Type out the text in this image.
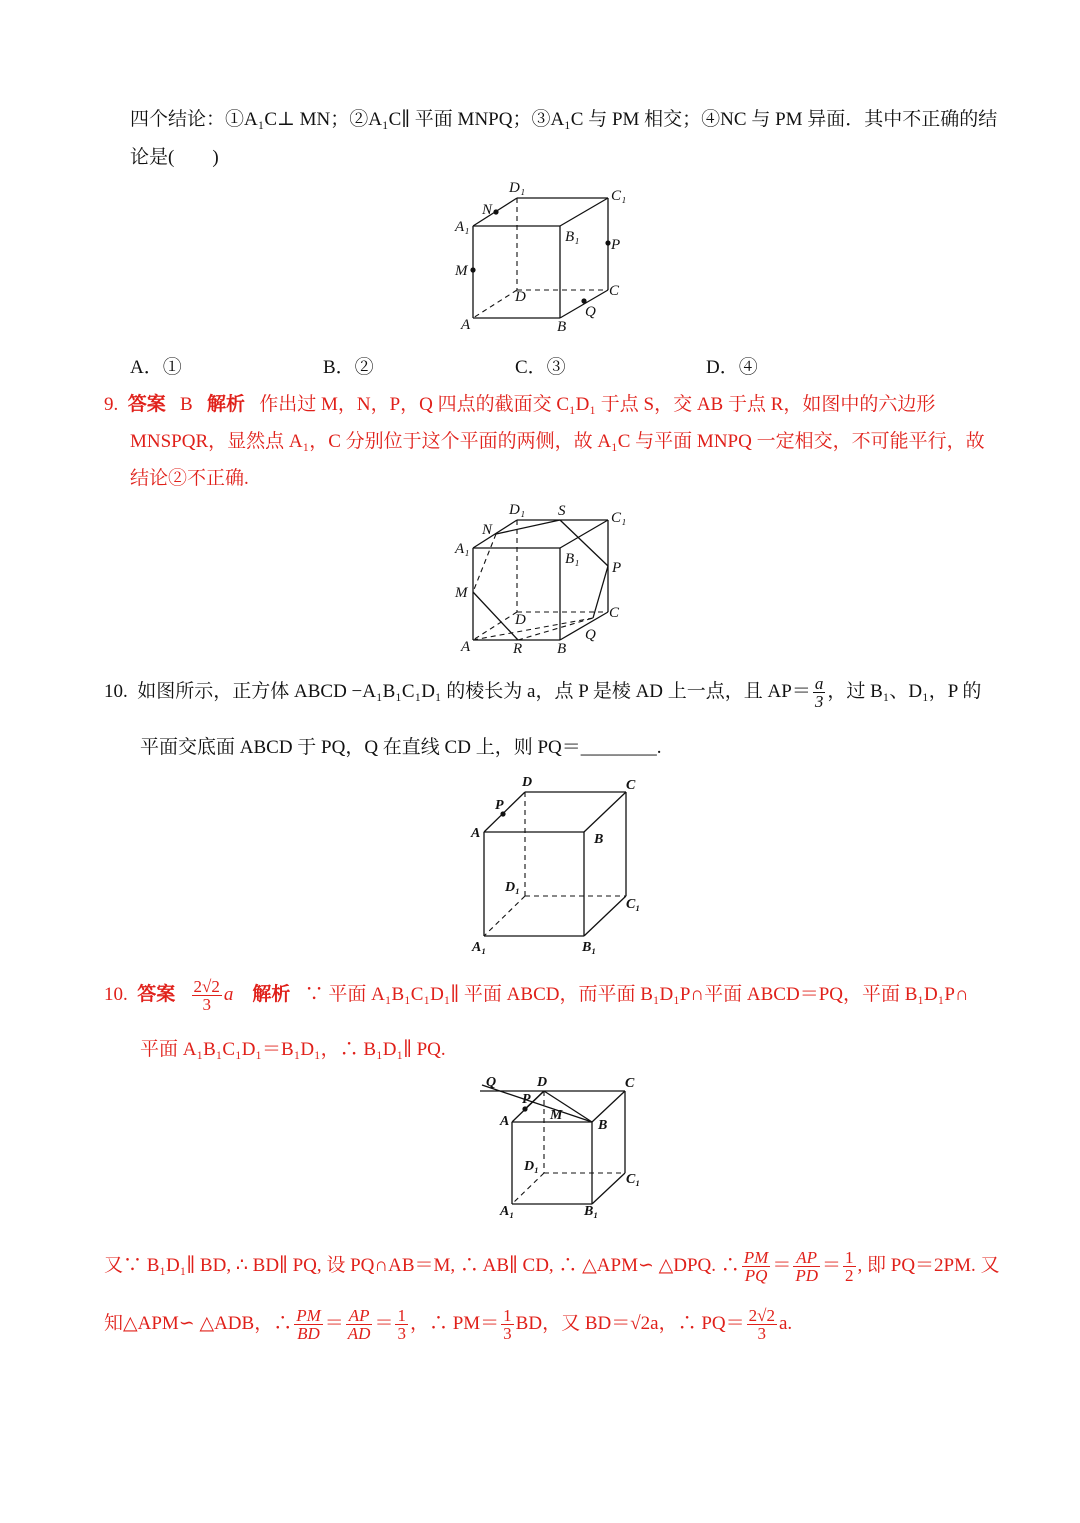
四个结论：①A₁C⊥ MN；②A₁C∥ 平面 MNPQ；③A₁C 与 PM 相交；④NC 与 PM 异面．其中不正确的结
论是(　　)
D₁	C₁
N
A₁
B₁ P
M
D	C
Q
A	B
A．①	B．②	C．③	D．④
9. 答案 B 解析 作出过 M，N，P，Q 四点的截面交 C₁D₁ 于点 S，交 AB 于点 R，如图中的六边形
MNSPQR，显然点 A₁，C 分别位于这个平面的两侧，故 A₁C 与平面 MNPQ 一定相交，不可能平行，故
结论②不正确.
D₁ S	C₁
N
A₁
B₁
P
M
D	C
Q
A	R B
10. 如图所示，正方体 ABCD −A₁B₁C₁D₁ 的棱长为 a，点 P 是棱 AD 上一点，且 $AP= \frac{a}{3}$ ，过 B₁、D₁，P 的
平面交底面 ABCD 于 PQ，Q 在直线 CD 上，则 PQ＝________.
D	C
P
A	B
D₁
C₁
A₁	B₁
10. 答案 $\frac{2√2}{3}$ a 解析 ∵ 平面 A₁B₁C₁D₁∥ 平面 ABCD，而平面 B₁D₁P∩平面 ABCD＝PQ，平面 B₁D₁P∩
平面 A₁B₁C₁D₁＝B₁D₁，∴ B₁D₁∥ PQ.
Q	D	C
P
M
A	B
D₁
C₁
A₁	B₁
又∵ B₁D₁∥ BD, ∴ BD∥ PQ, 设 PQ∩AB＝M, ∴ AB∥ CD, ∴ △APM∽ △DPQ. ∴ $\frac{PM}{PQ} = \frac{AP}{PD} = \frac{1}{2}$ , 即 PQ＝2PM. 又
知△APM∽ △ADB，∴ $\frac{PM}{BD} = \frac{AP}{AD} = \frac{1}{3}$ ，∴ $PM= \frac{1}{3}$ BD，又 BD＝√2a，∴ $PQ= \frac{2√2}{3} a$.
